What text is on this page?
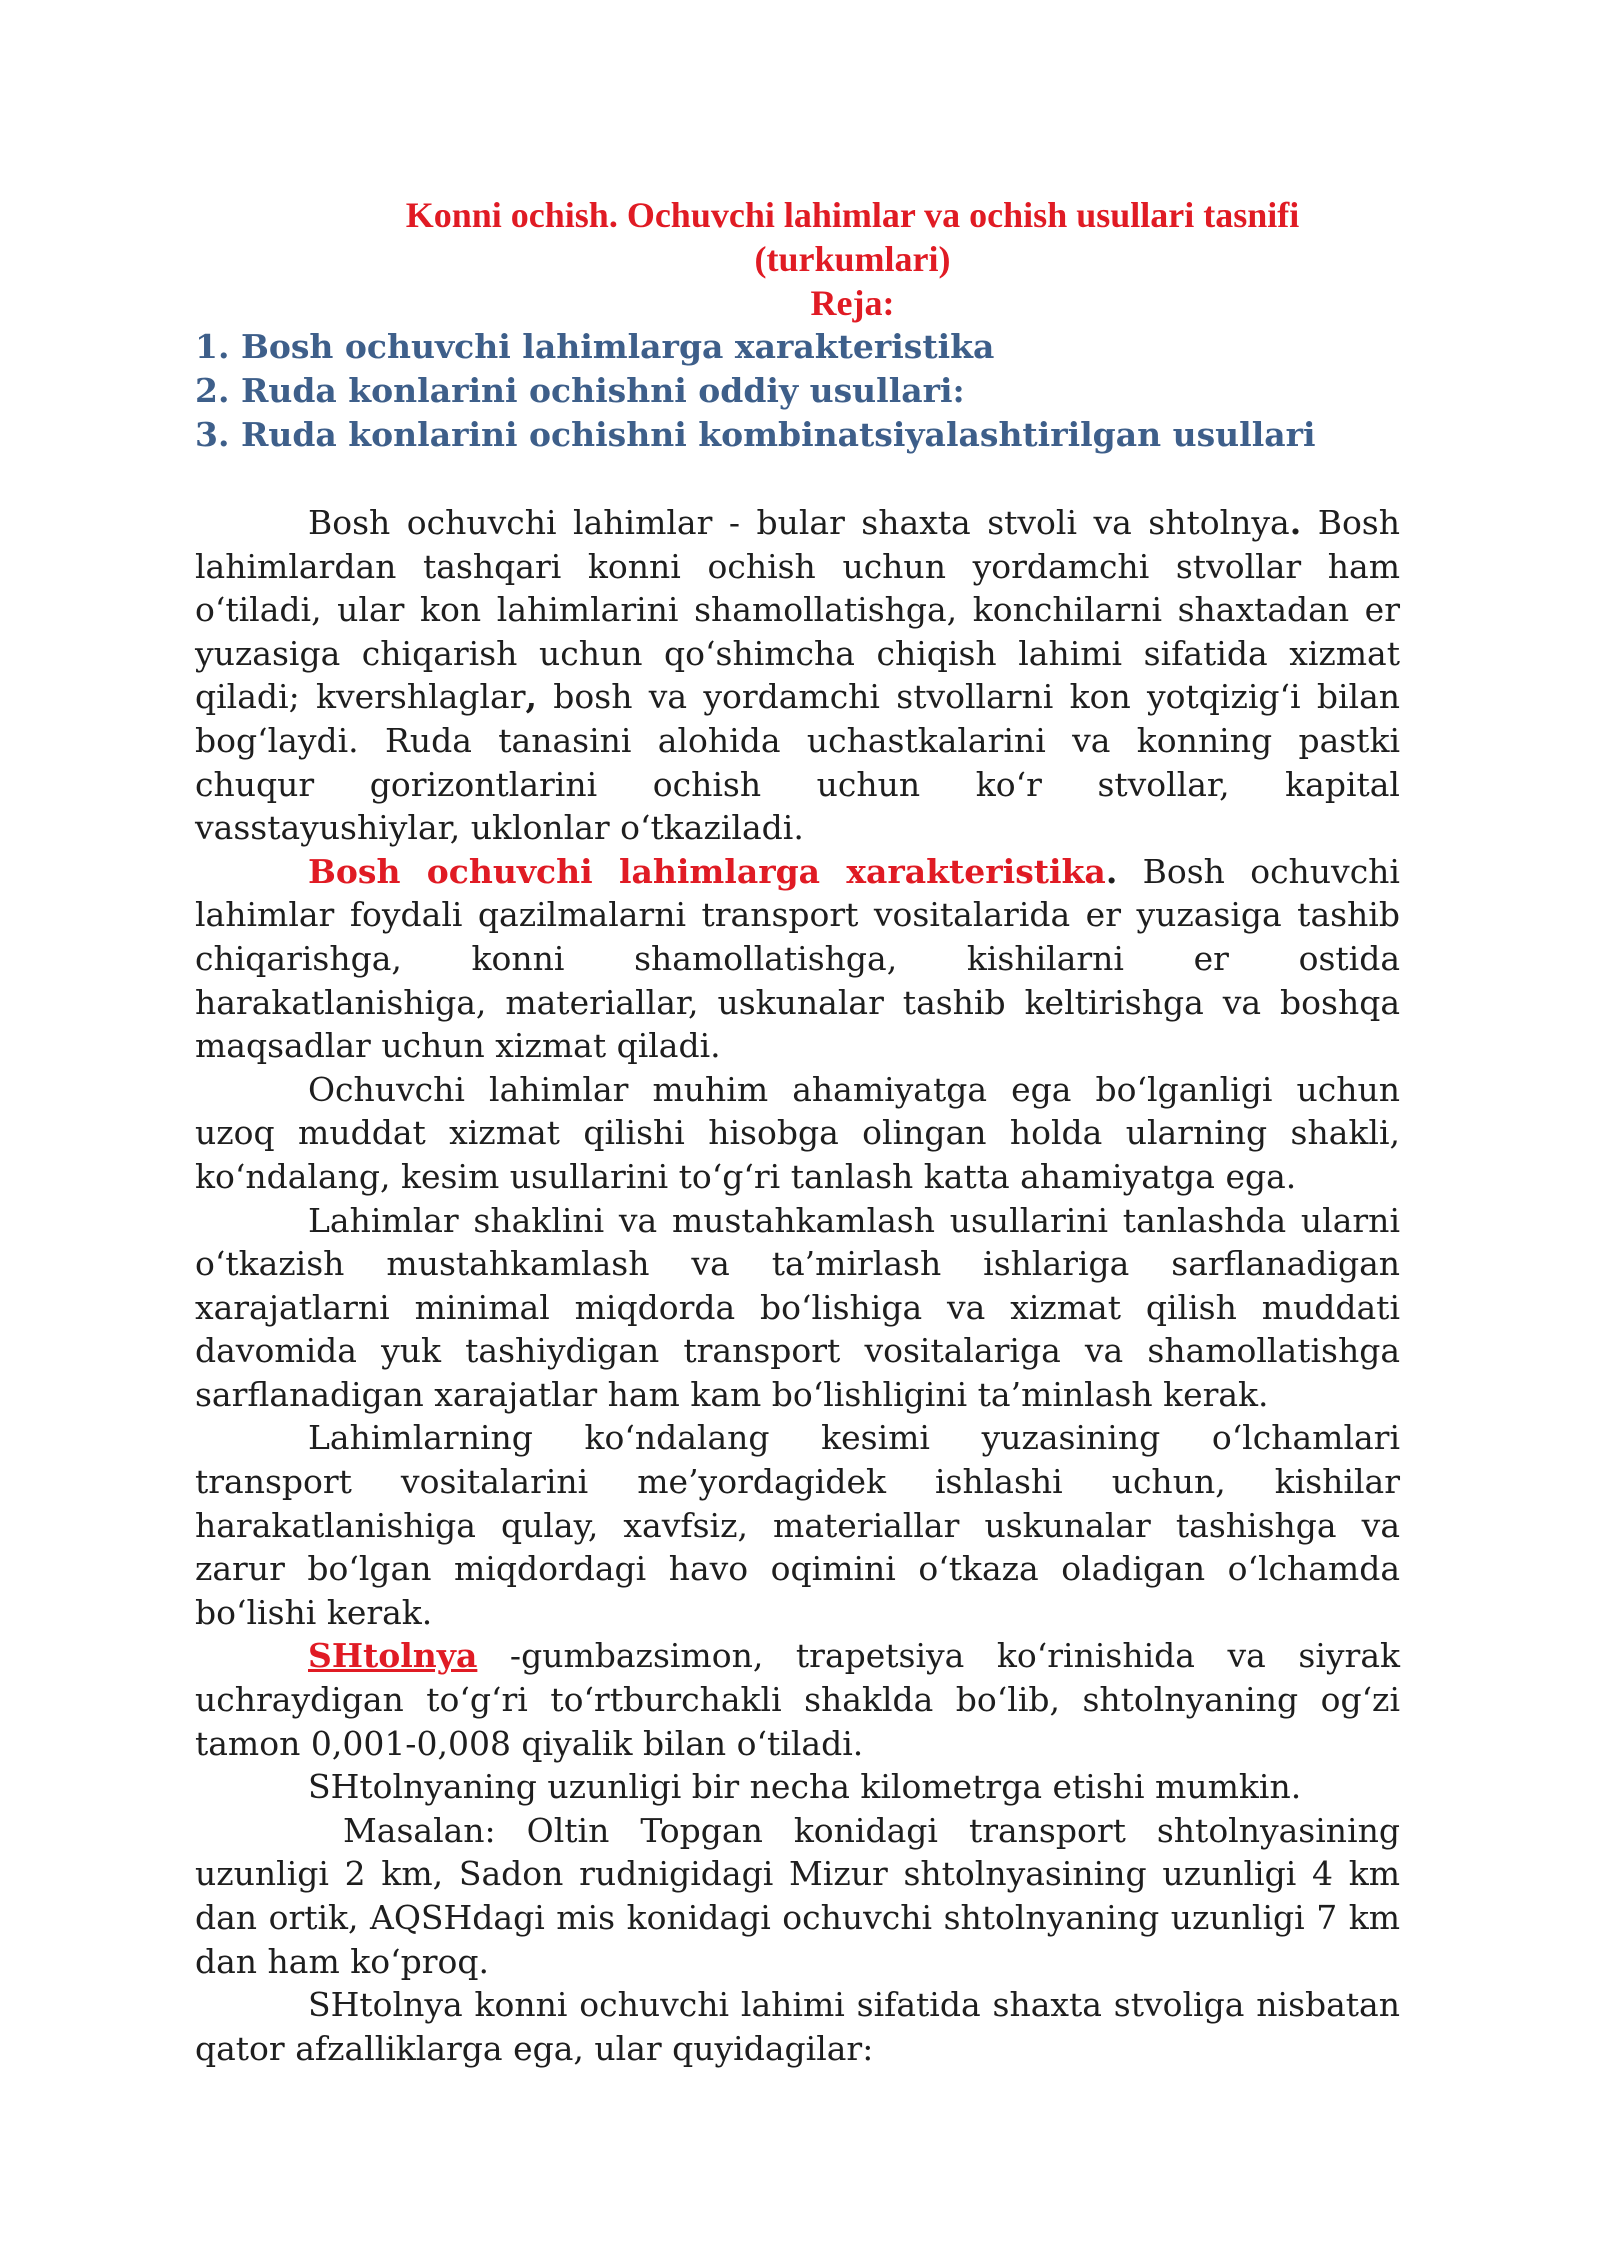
Konni ochish. Ochuvchi lahimlar va ochish usullari tasnifi
(turkumlari)
Reja:
1. Bosh ochuvchi lahimlarga xarakteristika
2. Ruda konlarini ochishni oddiy usullari:
3. Ruda konlarini ochishni kombinatsiyalashtirilgan usullari

Bosh ochuvchi lahimlar - bular shaxta stvoli va shtolnya. Bosh lahimlardan tashqari konni ochish uchun yordamchi stvollar ham o‘tiladi, ular kon lahimlarini shamollatishga, konchilarni shaxtadan er yuzasiga chiqarish uchun qo‘shimcha chiqish lahimi sifatida xizmat qiladi; kvershlaglar, bosh va yordamchi stvollarni kon yotqizig‘i bilan bog‘laydi. Ruda tanasini alohida uchastkalarini va konning pastki chuqur gorizontlarini ochish uchun ko‘r stvollar, kapital vasstayushiylar, uklonlar o‘tkaziladi.

Bosh ochuvchi lahimlarga xarakteristika. Bosh ochuvchi lahimlar foydali qazilmalarni transport vositalarida er yuzasiga tashib chiqarishga, konni shamollatishga, kishilarni er ostida harakatlanishiga, materiallar, uskunalar tashib keltirishga va boshqa maqsadlar uchun xizmat qiladi.

Ochuvchi lahimlar muhim ahamiyatga ega bo‘lganligi uchun uzoq muddat xizmat qilishi hisobga olingan holda ularning shakli, ko‘ndalang, kesim usullarini to‘g‘ri tanlash katta ahamiyatga ega.

Lahimlar shaklini va mustahkamlash usullarini tanlashda ularni o‘tkazish mustahkamlash va ta’mirlash ishlariga sarflanadigan xarajatlarni minimal miqdorda bo‘lishiga va xizmat qilish muddati davomida yuk tashiydigan transport vositalariga va shamollatishga sarflanadigan xarajatlar ham kam bo‘lishligini ta’minlash kerak.

Lahimlarning ko‘ndalang kesimi yuzasining o‘lchamlari transport vositalarini me’yordagidek ishlashi uchun, kishilar harakatlanishiga qulay, xavfsiz, materiallar uskunalar tashishga va zarur bo‘lgan miqdordagi havo oqimini o‘tkaza oladigan o‘lchamda bo‘lishi kerak.

SHtolnya -gumbazsimon, trapetsiya ko‘rinishida va siyrak uchraydigan to‘g‘ri to‘rtburchakli shaklda bo‘lib, shtolnyaning og‘zi tamon 0,001-0,008 qiyalik bilan o‘tiladi.

SHtolnyaning uzunligi bir necha kilometrga etishi mumkin.

Masalan: Oltin Topgan konidagi transport shtolnyasining uzunligi 2 km, Sadon rudnigidagi Mizur shtolnyasining uzunligi 4 km dan ortik, AQSHdagi mis konidagi ochuvchi shtolnyaning uzunligi 7 km dan ham ko‘proq.

SHtolnya konni ochuvchi lahimi sifatida shaxta stvoliga nisbatan qator afzalliklarga ega, ular quyidagilar:
